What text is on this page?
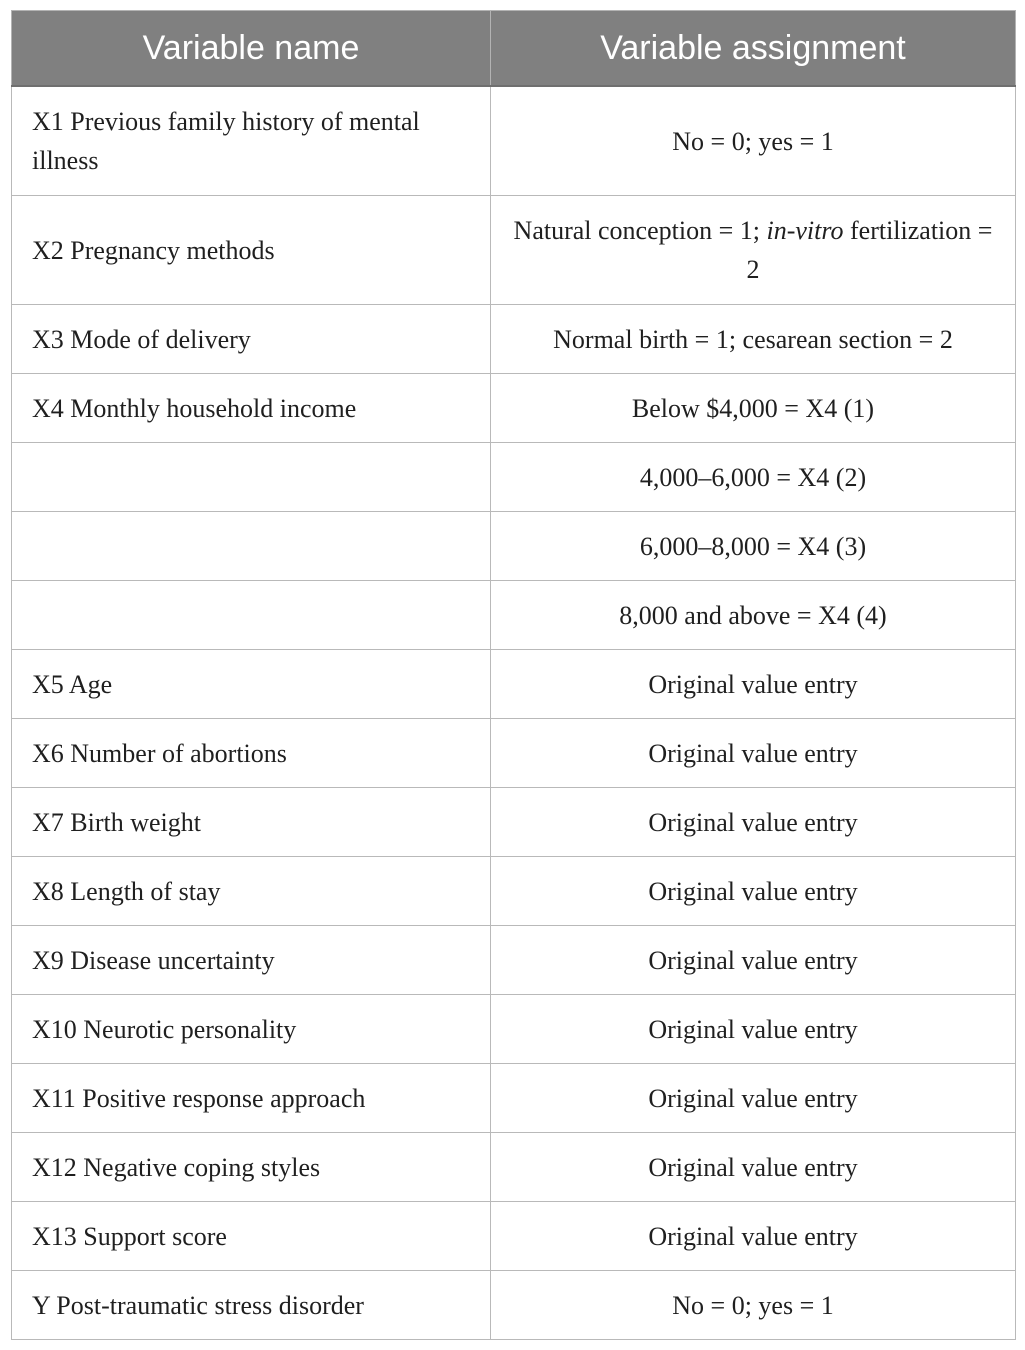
Variable name	Variable assignment
X1 Previous family history of mental illness	No = 0; yes = 1
X2 Pregnancy methods	Natural conception = 1; in-vitro fertilization = 2
X3 Mode of delivery	Normal birth = 1; cesarean section = 2
X4 Monthly household income	Below $4,000 = X4 (1)
	4,000–6,000 = X4 (2)
	6,000–8,000 = X4 (3)
	8,000 and above = X4 (4)
X5 Age	Original value entry
X6 Number of abortions	Original value entry
X7 Birth weight	Original value entry
X8 Length of stay	Original value entry
X9 Disease uncertainty	Original value entry
X10 Neurotic personality	Original value entry
X11 Positive response approach	Original value entry
X12 Negative coping styles	Original value entry
X13 Support score	Original value entry
Y Post-traumatic stress disorder	No = 0; yes = 1
